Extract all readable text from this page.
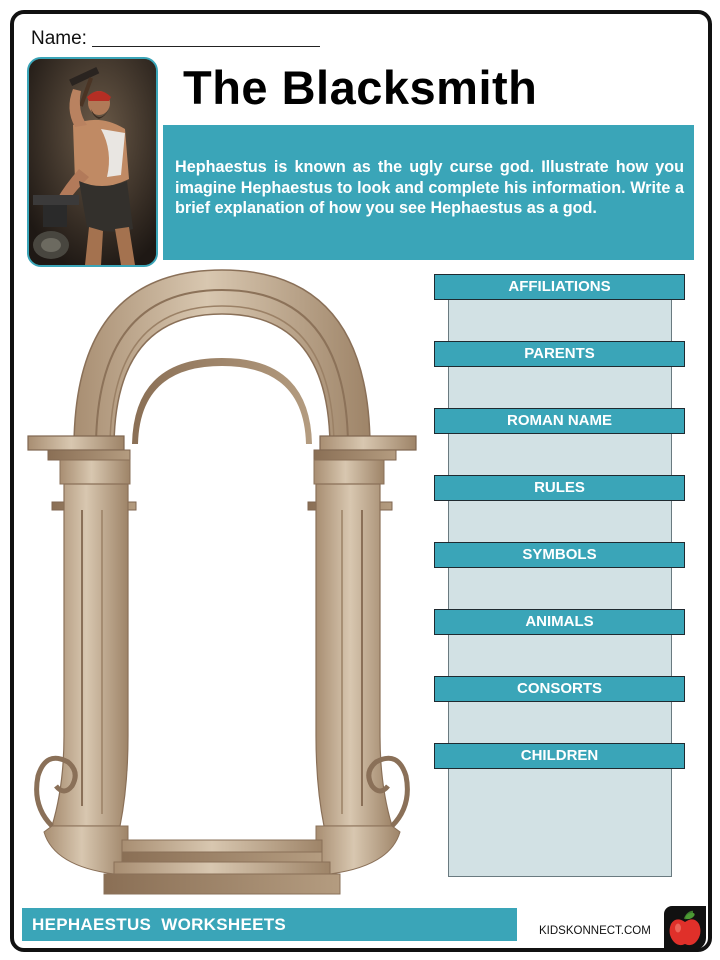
Name:
The Blacksmith

Hephaestus is known as the ugly curse god. Illustrate how you imagine Hephaestus to look and complete his information. Write a brief explanation of how you see Hephaestus as a god.

AFFILIATIONS
PARENTS
ROMAN NAME
RULES
SYMBOLS
ANIMALS
CONSORTS
CHILDREN
HEPHAESTUS  WORKSHEETS	KIDSKONNECT.COM
